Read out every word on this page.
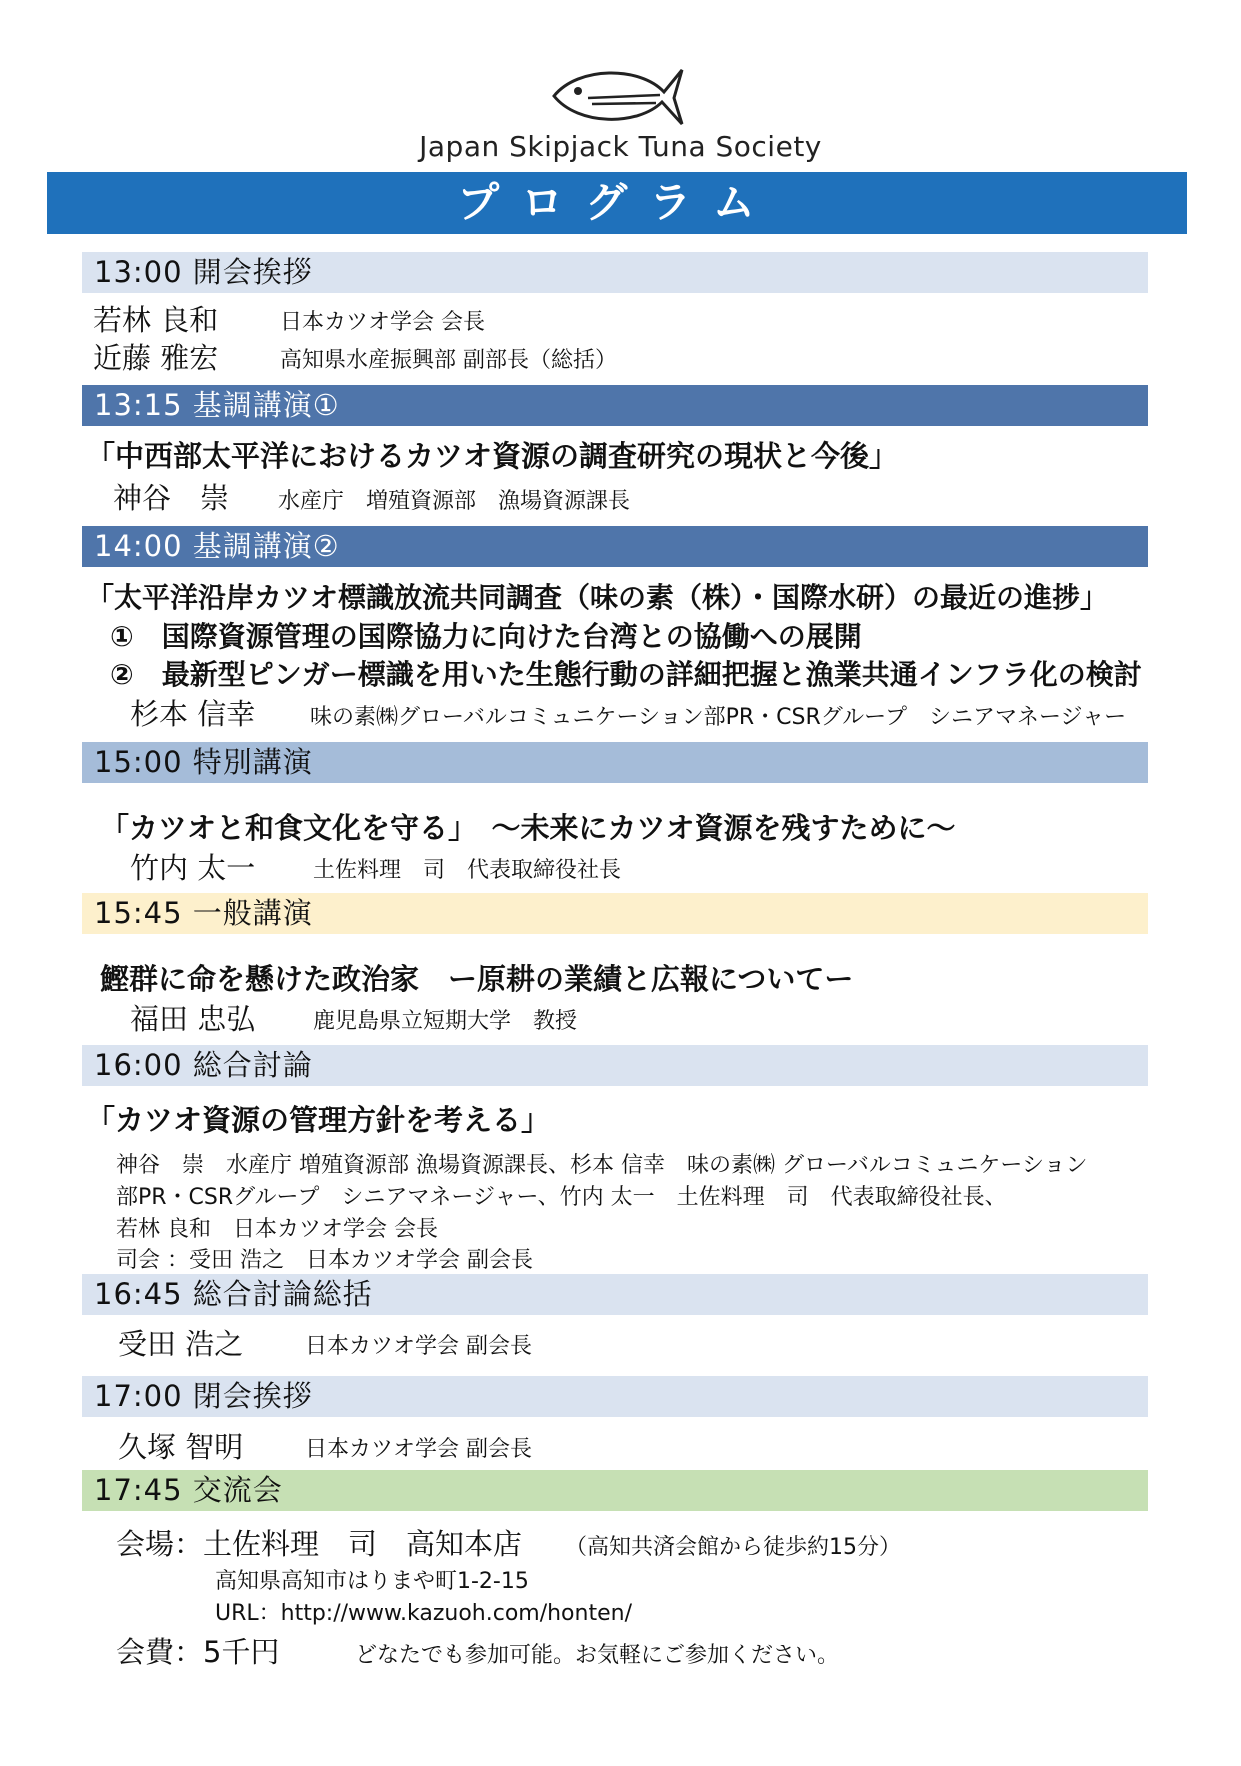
Japan Skipjack Tuna Society
プログラム
13:00 開会挨拶
若林 良和	日本カツオ学会 会長
近藤 雅宏	高知県水産振興部 副部長（総括）
13:15 基調講演①
「中西部太平洋におけるカツオ資源の調査研究の現状と今後」
神谷　崇 水産庁　増殖資源部　漁場資源課長
14:00 基調講演②
「太平洋沿岸カツオ標識放流共同調査（味の素（株）・国際水研）の最近の進捗」
①　国際資源管理の国際協力に向けた台湾との協働への展開
②　最新型ピンガー標識を用いた生態行動の詳細把握と漁業共通インフラ化の検討
杉本 信幸 味の素㈱グローバルコミュニケーション部PR・CSRグループ　シニアマネージャー
15:00 特別講演
「カツオと和食文化を守る」　～未来にカツオ資源を残すために～
竹内 太一	土佐料理　司　代表取締役社長
15:45 一般講演
鰹群に命を懸けた政治家　ー原耕の業績と広報についてー
福田 忠弘	鹿児島県立短期大学　教授
16:00 総合討論
「カツオ資源の管理方針を考える」
神谷　崇　水産庁 増殖資源部 漁場資源課長、杉本 信幸　味の素㈱ グローバルコミュニケーション
部PR・CSRグループ　シニアマネージャー、竹内 太一　土佐料理　司　代表取締役社長、
若林 良和　日本カツオ学会 会長
司会 ：受田 浩之　日本カツオ学会 副会長
16:45 総合討論総括
受田 浩之	日本カツオ学会 副会長
17:00 閉会挨拶
久塚 智明	日本カツオ学会 副会長
17:45 交流会
会場：土佐料理　司　高知本店 （高知共済会館から徒歩約15分）
高知県高知市はりまや町1-2-15
URL：http://www.kazuoh.com/honten/
会費：5千円	どなたでも参加可能。お気軽にご参加ください。
